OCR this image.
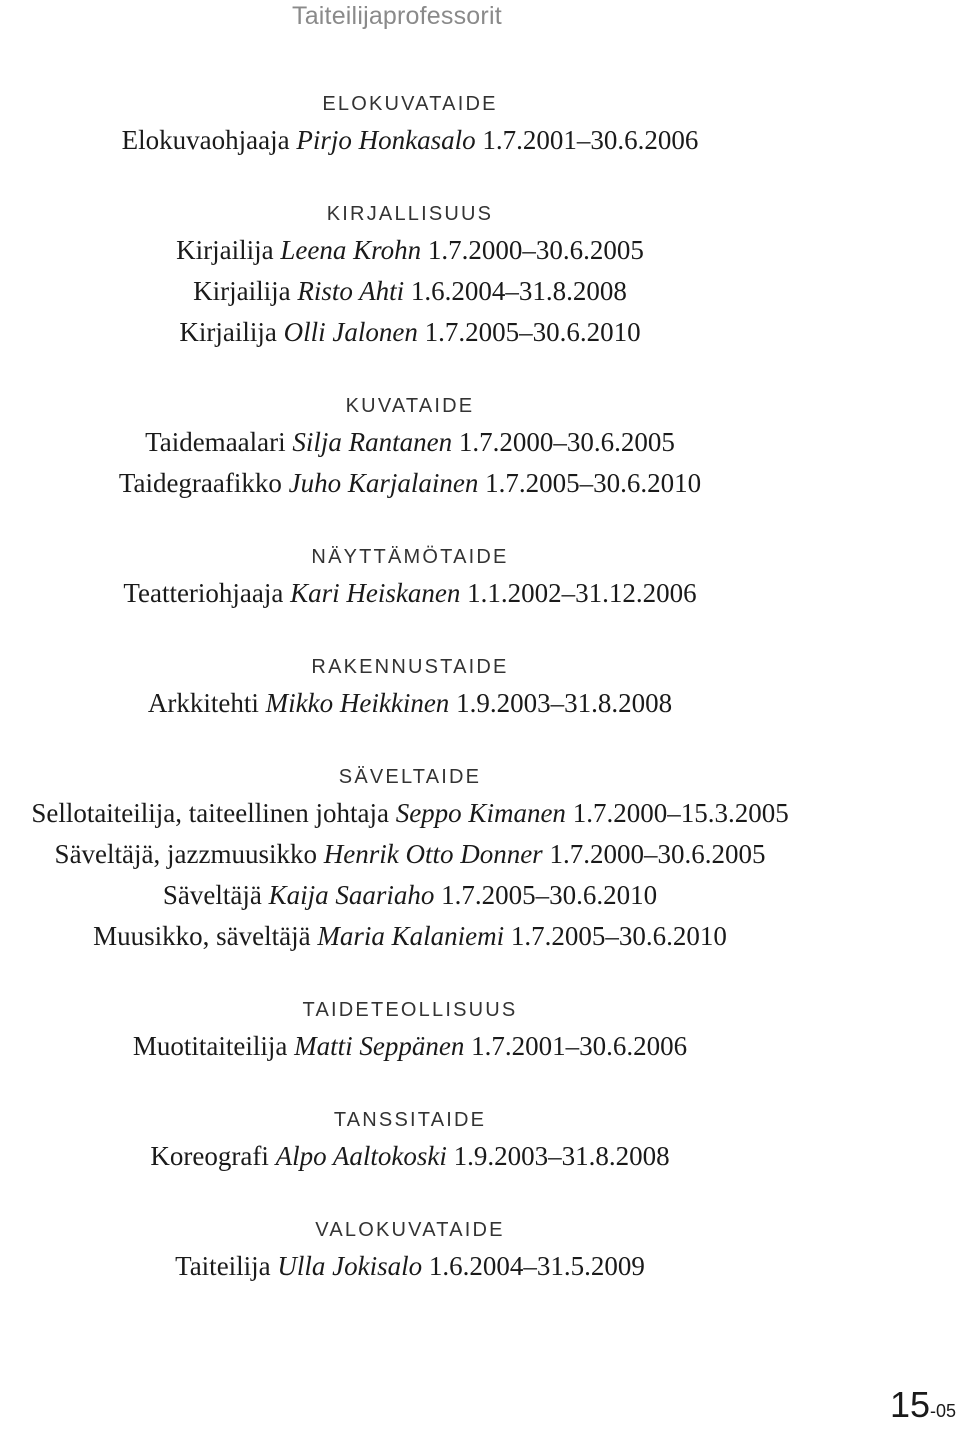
Taiteilijaprofessorit
ELOKUVATAIDE
Elokuvaohjaaja Pirjo Honkasalo 1.7.2001–30.6.2006
KIRJALLISUUS
Kirjailija Leena Krohn 1.7.2000–30.6.2005
Kirjailija Risto Ahti 1.6.2004–31.8.2008
Kirjailija Olli Jalonen 1.7.2005–30.6.2010
KUVATAIDE
Taidemaalari Silja Rantanen 1.7.2000–30.6.2005
Taidegraafikko Juho Karjalainen 1.7.2005–30.6.2010
NÄYTTÄMÖTAIDE
Teatteriohjaaja Kari Heiskanen 1.1.2002–31.12.2006
RAKENNUSTAIDE
Arkkitehti Mikko Heikkinen 1.9.2003–31.8.2008
SÄVELTAIDE
Sellotaiteilija, taiteellinen johtaja Seppo Kimanen 1.7.2000–15.3.2005
Säveltäjä, jazzmuusikko Henrik Otto Donner 1.7.2000–30.6.2005
Säveltäjä Kaija Saariaho 1.7.2005–30.6.2010
Muusikko, säveltäjä Maria Kalaniemi 1.7.2005–30.6.2010
TAIDETEOLLISUUS
Muotitaiteilija Matti Seppänen 1.7.2001–30.6.2006
TANSSITAIDE
Koreografi Alpo Aaltokoski 1.9.2003–31.8.2008
VALOKUVATAIDE
Taiteilija Ulla Jokisalo 1.6.2004–31.5.2009
15-05
